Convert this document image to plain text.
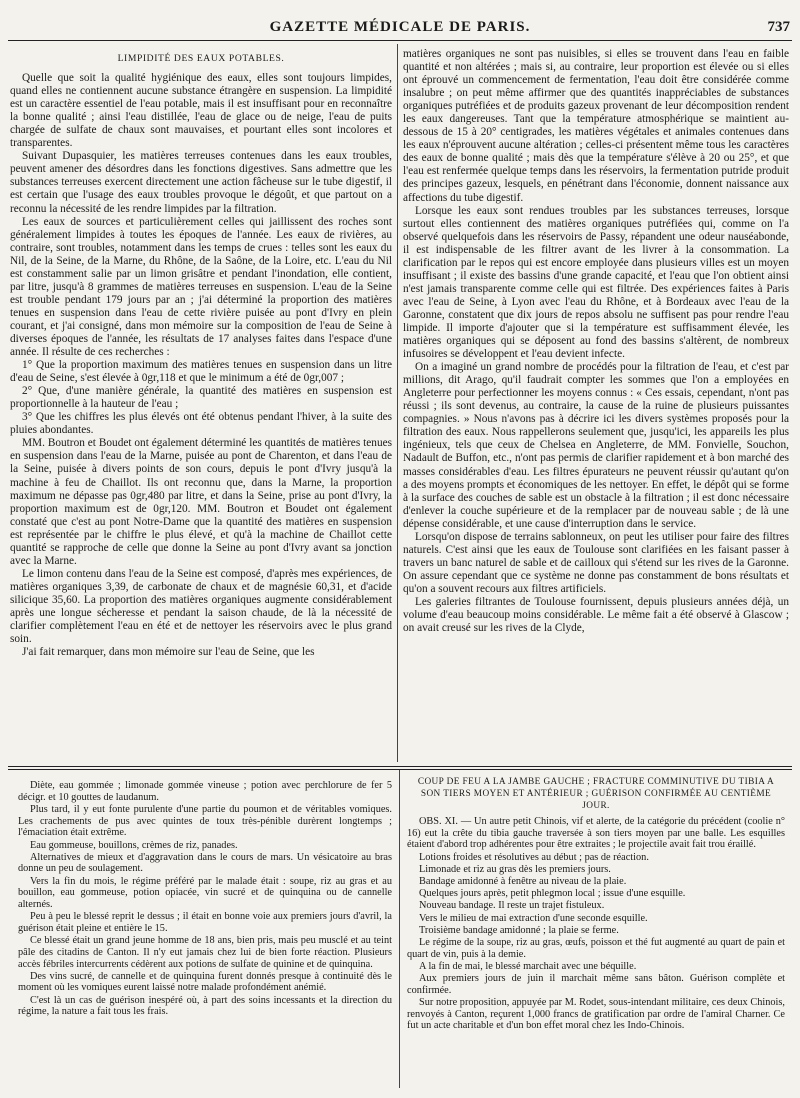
GAZETTE MÉDICALE DE PARIS.	737
LIMPIDITÉ DES EAUX POTABLES.

Quelle que soit la qualité hygiénique des eaux, elles sont toujours limpides, quand elles ne contiennent aucune substance étrangère en suspension. La limpidité est un caractère essentiel de l'eau potable, mais il est insuffisant pour en reconnaître la bonne qualité ; ainsi l'eau distillée, l'eau de glace ou de neige, l'eau de puits chargée de sulfate de chaux sont mauvaises, et pourtant elles sont incolores et transparentes.

Suivant Dupasquier, les matières terreuses contenues dans les eaux troubles, peuvent amener des désordres dans les fonctions digestives. Sans admettre que les substances terreuses exercent directement une action fâcheuse sur le tube digestif, il est certain que l'usage des eaux troubles provoque le dégoût, et que partout on a reconnu la nécessité de les rendre limpides par la filtration.

Les eaux de sources et particulièrement celles qui jaillissent des roches sont généralement limpides à toutes les époques de l'année. Les eaux de rivières, au contraire, sont troubles, notamment dans les temps de crues : telles sont les eaux du Nil, de la Seine, de la Marne, du Rhône, de la Saône, de la Loire, etc. L'eau du Nil est constamment salie par un limon grisâtre et pendant l'inondation, elle contient, par litre, jusqu'à 8 grammes de matières terreuses en suspension. L'eau de la Seine est trouble pendant 179 jours par an ; j'ai déterminé la proportion des matières tenues en suspension dans l'eau de cette rivière puisée au pont d'Ivry en plein courant, et j'ai consigné, dans mon mémoire sur la composition de l'eau de Seine à diverses époques de l'année, les résultats de 17 analyses faites dans l'espace d'une année. Il résulte de ces recherches :

1° Que la proportion maximum des matières tenues en suspension dans un litre d'eau de Seine, s'est élevée à 0gr,118 et que le minimum a été de 0gr,007 ;

2° Que, d'une manière générale, la quantité des matières en suspension est proportionnelle à la hauteur de l'eau ;

3° Que les chiffres les plus élevés ont été obtenus pendant l'hiver, à la suite des pluies abondantes.

MM. Boutron et Boudet ont également déterminé les quantités de matières tenues en suspension dans l'eau de la Marne, puisée au pont de Charenton, et dans l'eau de la Seine, puisée à divers points de son cours, depuis le pont d'Ivry jusqu'à la machine à feu de Chaillot. Ils ont reconnu que, dans la Marne, la proportion maximum ne dépasse pas 0gr,480 par litre, et dans la Seine, prise au pont d'Ivry, la proportion maximum est de 0gr,120. MM. Boutron et Boudet ont également constaté que c'est au pont Notre-Dame que la quantité des matières en suspension est représentée par le chiffre le plus élevé, et qu'à la machine de Chaillot cette quantité se rapproche de celle que donne la Seine au pont d'Ivry avant sa jonction avec la Marne.

Le limon contenu dans l'eau de la Seine est composé, d'après mes expériences, de matières organiques 3,39, de carbonate de chaux et de magnésie 60,31, et d'acide silicique 35,60. La proportion des matières organiques augmente considérablement après une longue sécheresse et pendant la saison chaude, de là la nécessité de clarifier complètement l'eau en été et de nettoyer les réservoirs avec le plus grand soin.

J'ai fait remarquer, dans mon mémoire sur l'eau de Seine, que les

matières organiques ne sont pas nuisibles, si elles se trouvent dans l'eau en faible quantité et non altérées ; mais si, au contraire, leur proportion est élevée ou si elles ont éprouvé un commencement de fermentation, l'eau doit être considérée comme insalubre ; on peut même affirmer que des quantités inappréciables de substances organiques putréfiées et de produits gazeux provenant de leur décomposition rendent les eaux dangereuses. Tant que la température atmosphérique se maintient au-dessous de 15 à 20° centigrades, les matières végétales et animales contenues dans les eaux n'éprouvent aucune altération ; celles-ci présentent même tous les caractères des eaux de bonne qualité ; mais dès que la température s'élève à 20 ou 25°, et que l'eau est renfermée quelque temps dans les réservoirs, la fermentation putride produit des principes gazeux, lesquels, en pénétrant dans l'économie, donnent naissance aux affections du tube digestif.

Lorsque les eaux sont rendues troubles par les substances terreuses, lorsque surtout elles contiennent des matières organiques putréfiées qui, comme on l'a observé quelquefois dans les réservoirs de Passy, répandent une odeur nauséabonde, il est indispensable de les filtrer avant de les livrer à la consommation. La clarification par le repos qui est encore employée dans plusieurs villes est un moyen insuffisant ; il existe des bassins d'une grande capacité, et l'eau que l'on obtient ainsi n'est jamais transparente comme celle qui est filtrée. Des expériences faites à Paris avec l'eau de Seine, à Lyon avec l'eau du Rhône, et à Bordeaux avec l'eau de la Garonne, constatent que dix jours de repos absolu ne suffisent pas pour rendre l'eau limpide. Il importe d'ajouter que si la température est suffisamment élevée, les matières organiques qui se déposent au fond des bassins s'altèrent, de nombreux infusoires se développent et l'eau devient infecte.

On a imaginé un grand nombre de procédés pour la filtration de l'eau, et c'est par millions, dit Arago, qu'il faudrait compter les sommes que l'on a employées en Angleterre pour perfectionner les moyens connus : « Ces essais, cependant, n'ont pas réussi ; ils sont devenus, au contraire, la cause de la ruine de plusieurs puissantes compagnies. » Nous n'avons pas à décrire ici les divers systèmes proposés pour la filtration des eaux. Nous rappellerons seulement que, jusqu'ici, les appareils les plus ingénieux, tels que ceux de Chelsea en Angleterre, de MM. Fonvielle, Souchon, Nadault de Buffon, etc., n'ont pas permis de clarifier rapidement et à bon marché des masses considérables d'eau. Les filtres épurateurs ne peuvent réussir qu'autant qu'on a des moyens prompts et économiques de les nettoyer. En effet, le dépôt qui se forme à la surface des couches de sable est un obstacle à la filtration ; il est donc nécessaire d'enlever la couche supérieure et de la remplacer par de nouveau sable ; de là une dépense considérable, et une cause d'interruption dans le service.

Lorsqu'on dispose de terrains sablonneux, on peut les utiliser pour faire des filtres naturels. C'est ainsi que les eaux de Toulouse sont clarifiées en les faisant passer à travers un banc naturel de sable et de cailloux qui s'étend sur les rives de la Garonne. On assure cependant que ce système ne donne pas constamment de bons résultats et qu'on a souvent recours aux filtres artificiels.

Les galeries filtrantes de Toulouse fournissent, depuis plusieurs années déjà, un volume d'eau beaucoup moins considérable. Le même fait a été observé à Glascow ; on avait creusé sur les rives de la Clyde,

Diète, eau gommée ; limonade gommée vineuse ; potion avec perchlorure de fer 5 décigr. et 10 gouttes de laudanum.

Plus tard, il y eut fonte purulente d'une partie du poumon et de véritables vomiques. Les crachements de pus avec quintes de toux très-pénible durèrent longtemps ; l'émaciation était extrême.

Eau gommeuse, bouillons, crèmes de riz, panades.

Alternatives de mieux et d'aggravation dans le cours de mars. Un vésicatoire au bras donne un peu de soulagement.

Vers la fin du mois, le régime préféré par le malade était : soupe, riz au gras et au bouillon, eau gommeuse, potion opiacée, vin sucré et de quinquina ou de cannelle alternés.

Peu à peu le blessé reprit le dessus ; il était en bonne voie aux premiers jours d'avril, la guérison était pleine et entière le 15.

Ce blessé était un grand jeune homme de 18 ans, bien pris, mais peu musclé et au teint pâle des citadins de Canton. Il n'y eut jamais chez lui de bien forte réaction. Plusieurs accès fébriles intercurrents cédèrent aux potions de sulfate de quinine et de quinquina.

Des vins sucré, de cannelle et de quinquina furent donnés presque à continuité dès le moment où les vomiques eurent laissé notre malade profondément anémié.

C'est là un cas de guérison inespéré où, à part des soins incessants et la direction du régime, la nature a fait tous les frais.

COUP DE FEU A LA JAMBE GAUCHE ; FRACTURE COMMINUTIVE DU TIBIA A SON TIERS MOYEN ET ANTÉRIEUR ; GUÉRISON CONFIRMÉE AU CENTIÈME JOUR.

OBS. XI. — Un autre petit Chinois, vif et alerte, de la catégorie du précédent (coolie n° 16) eut la crête du tibia gauche traversée à son tiers moyen par une balle. Les esquilles étaient d'abord trop adhérentes pour être extraites ; le projectile avait fait trou éraillé.

Lotions froides et résolutives au début ; pas de réaction.

Limonade et riz au gras dès les premiers jours.

Bandage amidonné à fenêtre au niveau de la plaie.

Quelques jours après, petit phlegmon local ; issue d'une esquille.

Nouveau bandage. Il reste un trajet fistuleux.

Vers le milieu de mai extraction d'une seconde esquille.

Troisième bandage amidonné ; la plaie se ferme.

Le régime de la soupe, riz au gras, œufs, poisson et thé fut augmenté au quart de pain et quart de vin, puis à la demie.

A la fin de mai, le blessé marchait avec une béquille.

Aux premiers jours de juin il marchait même sans bâton. Guérison complète et confirmée.

Sur notre proposition, appuyée par M. Rodet, sous-intendant militaire, ces deux Chinois, renvoyés à Canton, reçurent 1,000 francs de gratification par ordre de l'amiral Charner. Ce fut un acte charitable et d'un bon effet moral chez les Indo-Chinois.
